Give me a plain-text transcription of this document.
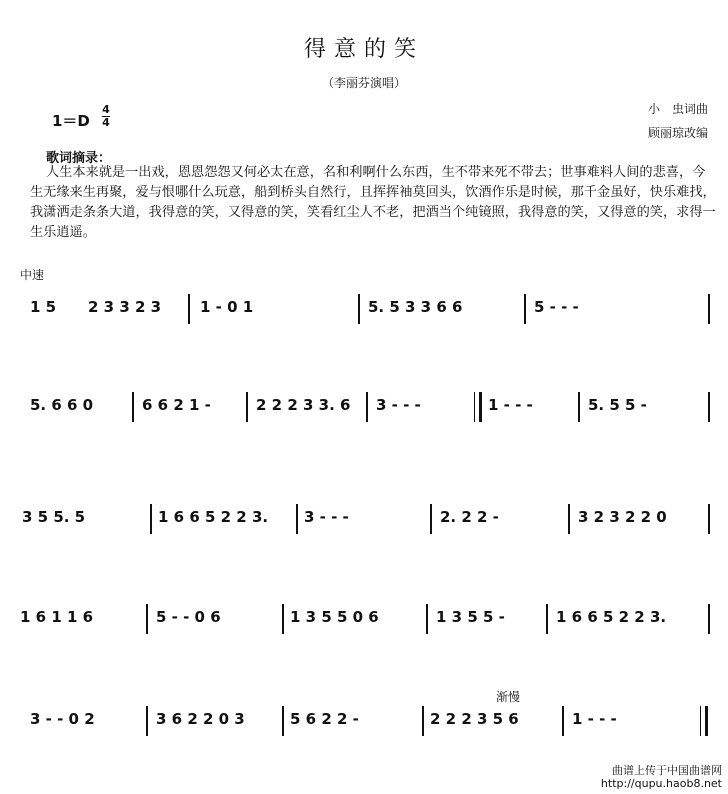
得意的笑
（李丽芬演唱）
1＝D
4
4
小　虫词曲
顾丽琼改编
歌词摘录：
人生本来就是一出戏，恩恩怨怨又何必太在意，名和利啊什么东西，生不带来死不带去；世事难料人间的悲喜，今生无缘来生再聚，爱与恨哪什么玩意，船到桥头自然行，且挥挥袖莫回头，饮酒作乐是时候，那千金虽好，快乐难找，我潇洒走条条大道，我得意的笑，又得意的笑，笑看红尘人不老，把酒当个纯镜照，我得意的笑，又得意的笑，求得一生乐逍遥。
中速
渐慢
1 5 2 3 3 2 3	1 - 0 1	5. 5 3 3 6 6	5 - - -
5. 6 6 0	6 6 2 1 -	2 2 2 3 3. 6 3 - - -	1 - - -	5. 5 5 -
3 5 5. 5	1 6 6 5 2 2 3. 3 - - -	2. 2 2 -	3 2 3 2 2 0
1 6 1 1 6	5 - - 0 6	1 3 5 5 0 6	1 3 5 5 -	1 6 6 5 2 2 3.
3 - - 0 2	3 6 2 2 0 3	5 6 2 2 -	2 2 2 3 5 6	1 - - -
曲谱上传于中国曲谱网
http://qupu.haob8.net
